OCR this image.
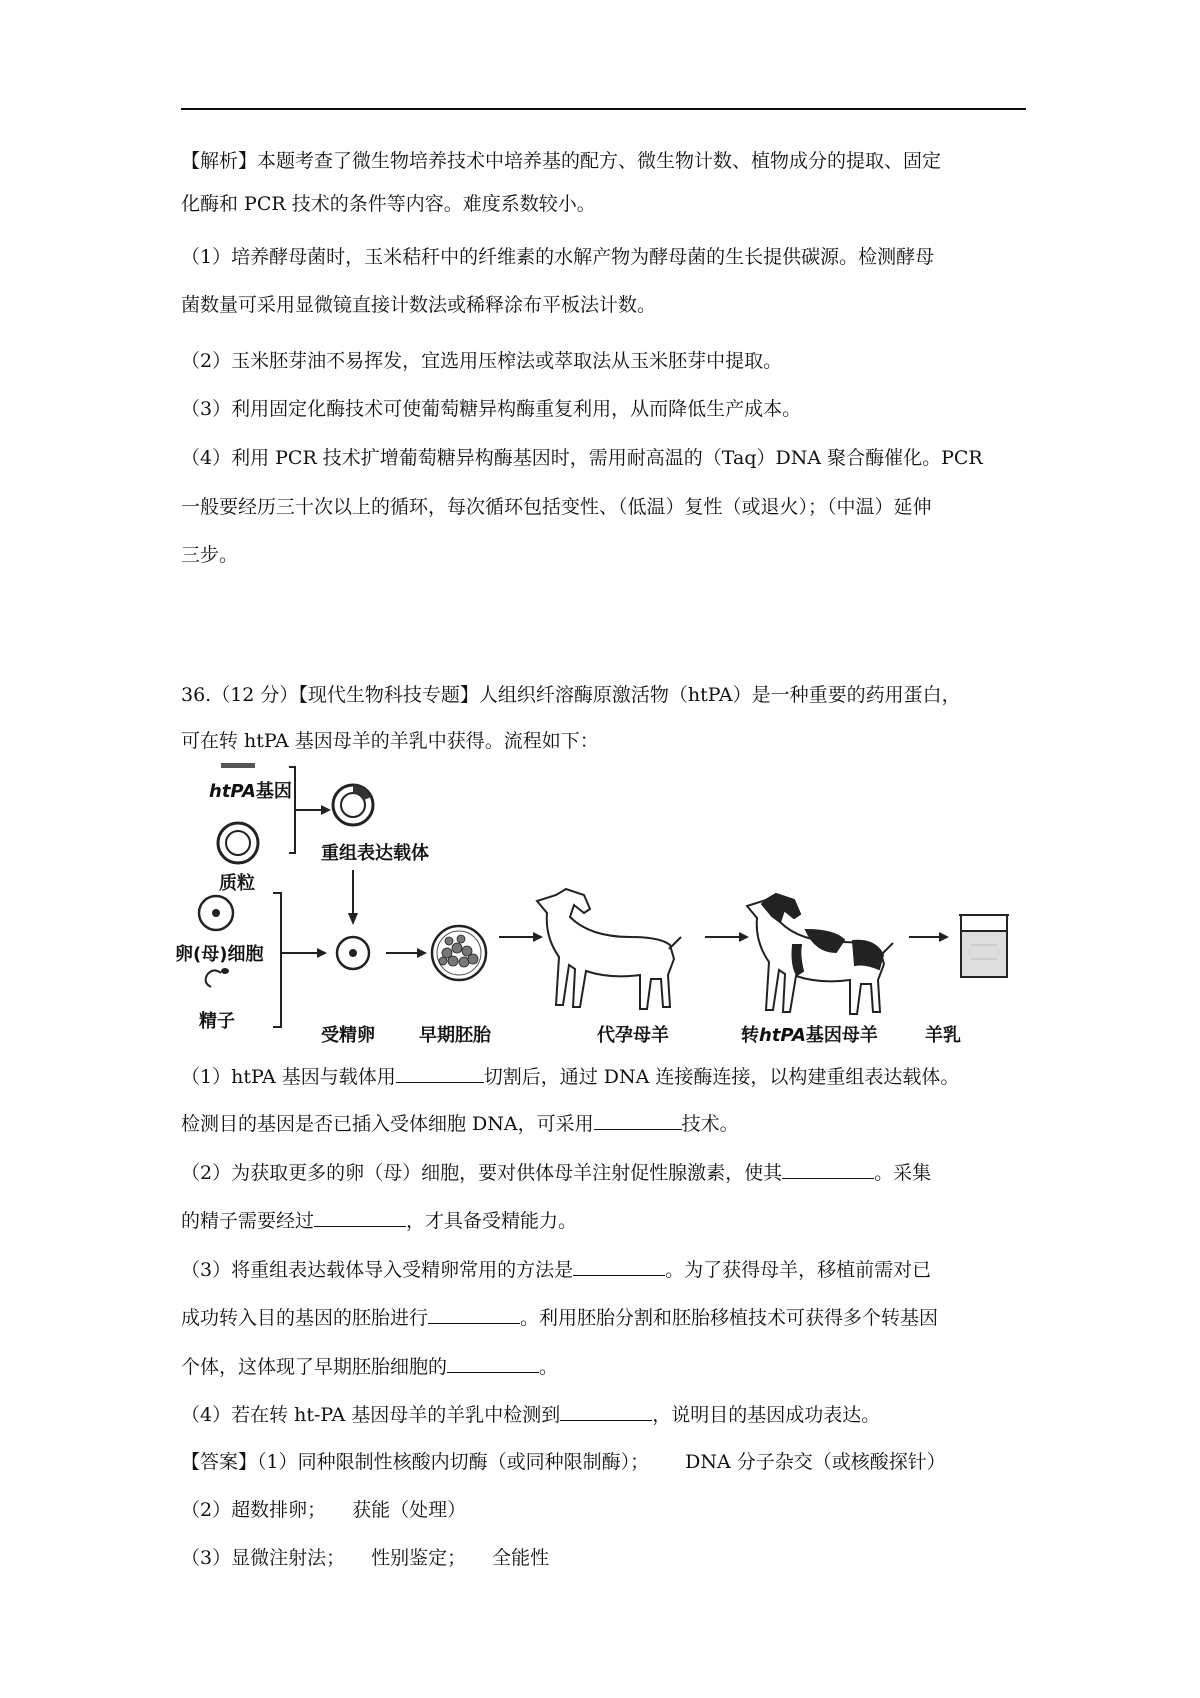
【解析】本题考查了微生物培养技术中培养基的配方、微生物计数、植物成分的提取、固定
化酶和 PCR 技术的条件等内容。难度系数较小。
（1）培养酵母菌时，玉米秸秆中的纤维素的水解产物为酵母菌的生长提供碳源。检测酵母
菌数量可采用显微镜直接计数法或稀释涂布平板法计数。
（2）玉米胚芽油不易挥发，宜选用压榨法或萃取法从玉米胚芽中提取。
（3）利用固定化酶技术可使葡萄糖异构酶重复利用，从而降低生产成本。
（4）利用 PCR 技术扩增葡萄糖异构酶基因时，需用耐高温的（Taq）DNA 聚合酶催化。PCR
一般要经历三十次以上的循环，每次循环包括变性、（低温）复性（或退火）；（中温）延伸
三步。
36.（12 分）【现代生物科技专题】人组织纤溶酶原激活物（htPA）是一种重要的药用蛋白，
可在转 htPA 基因母羊的羊乳中获得。流程如下：
htPA基因
质粒
重组表达载体
卵(母)细胞
精子
受精卵 早期胚胎	代孕母羊	转htPA基因母羊	羊乳
（1）htPA 基因与载体用	切割后，通过 DNA 连接酶连接，以构建重组表达载体。
检测目的基因是否已插入受体细胞 DNA，可采用	技术。
（2）为获取更多的卵（母）细胞，要对供体母羊注射促性腺激素，使其	。采集
的精子需要经过	，才具备受精能力。
（3）将重组表达载体导入受精卵常用的方法是	。为了获得母羊，移植前需对已
成功转入目的基因的胚胎进行	。利用胚胎分割和胚胎移植技术可获得多个转基因
个体，这体现了早期胚胎细胞的	。
（4）若在转 ht-PA 基因母羊的羊乳中检测到	，说明目的基因成功表达。
【答案】（1）同种限制性核酸内切酶（或同种限制酶）； DNA 分子杂交（或核酸探针）
（2）超数排卵； 获能（处理）
（3）显微注射法； 性别鉴定； 全能性
